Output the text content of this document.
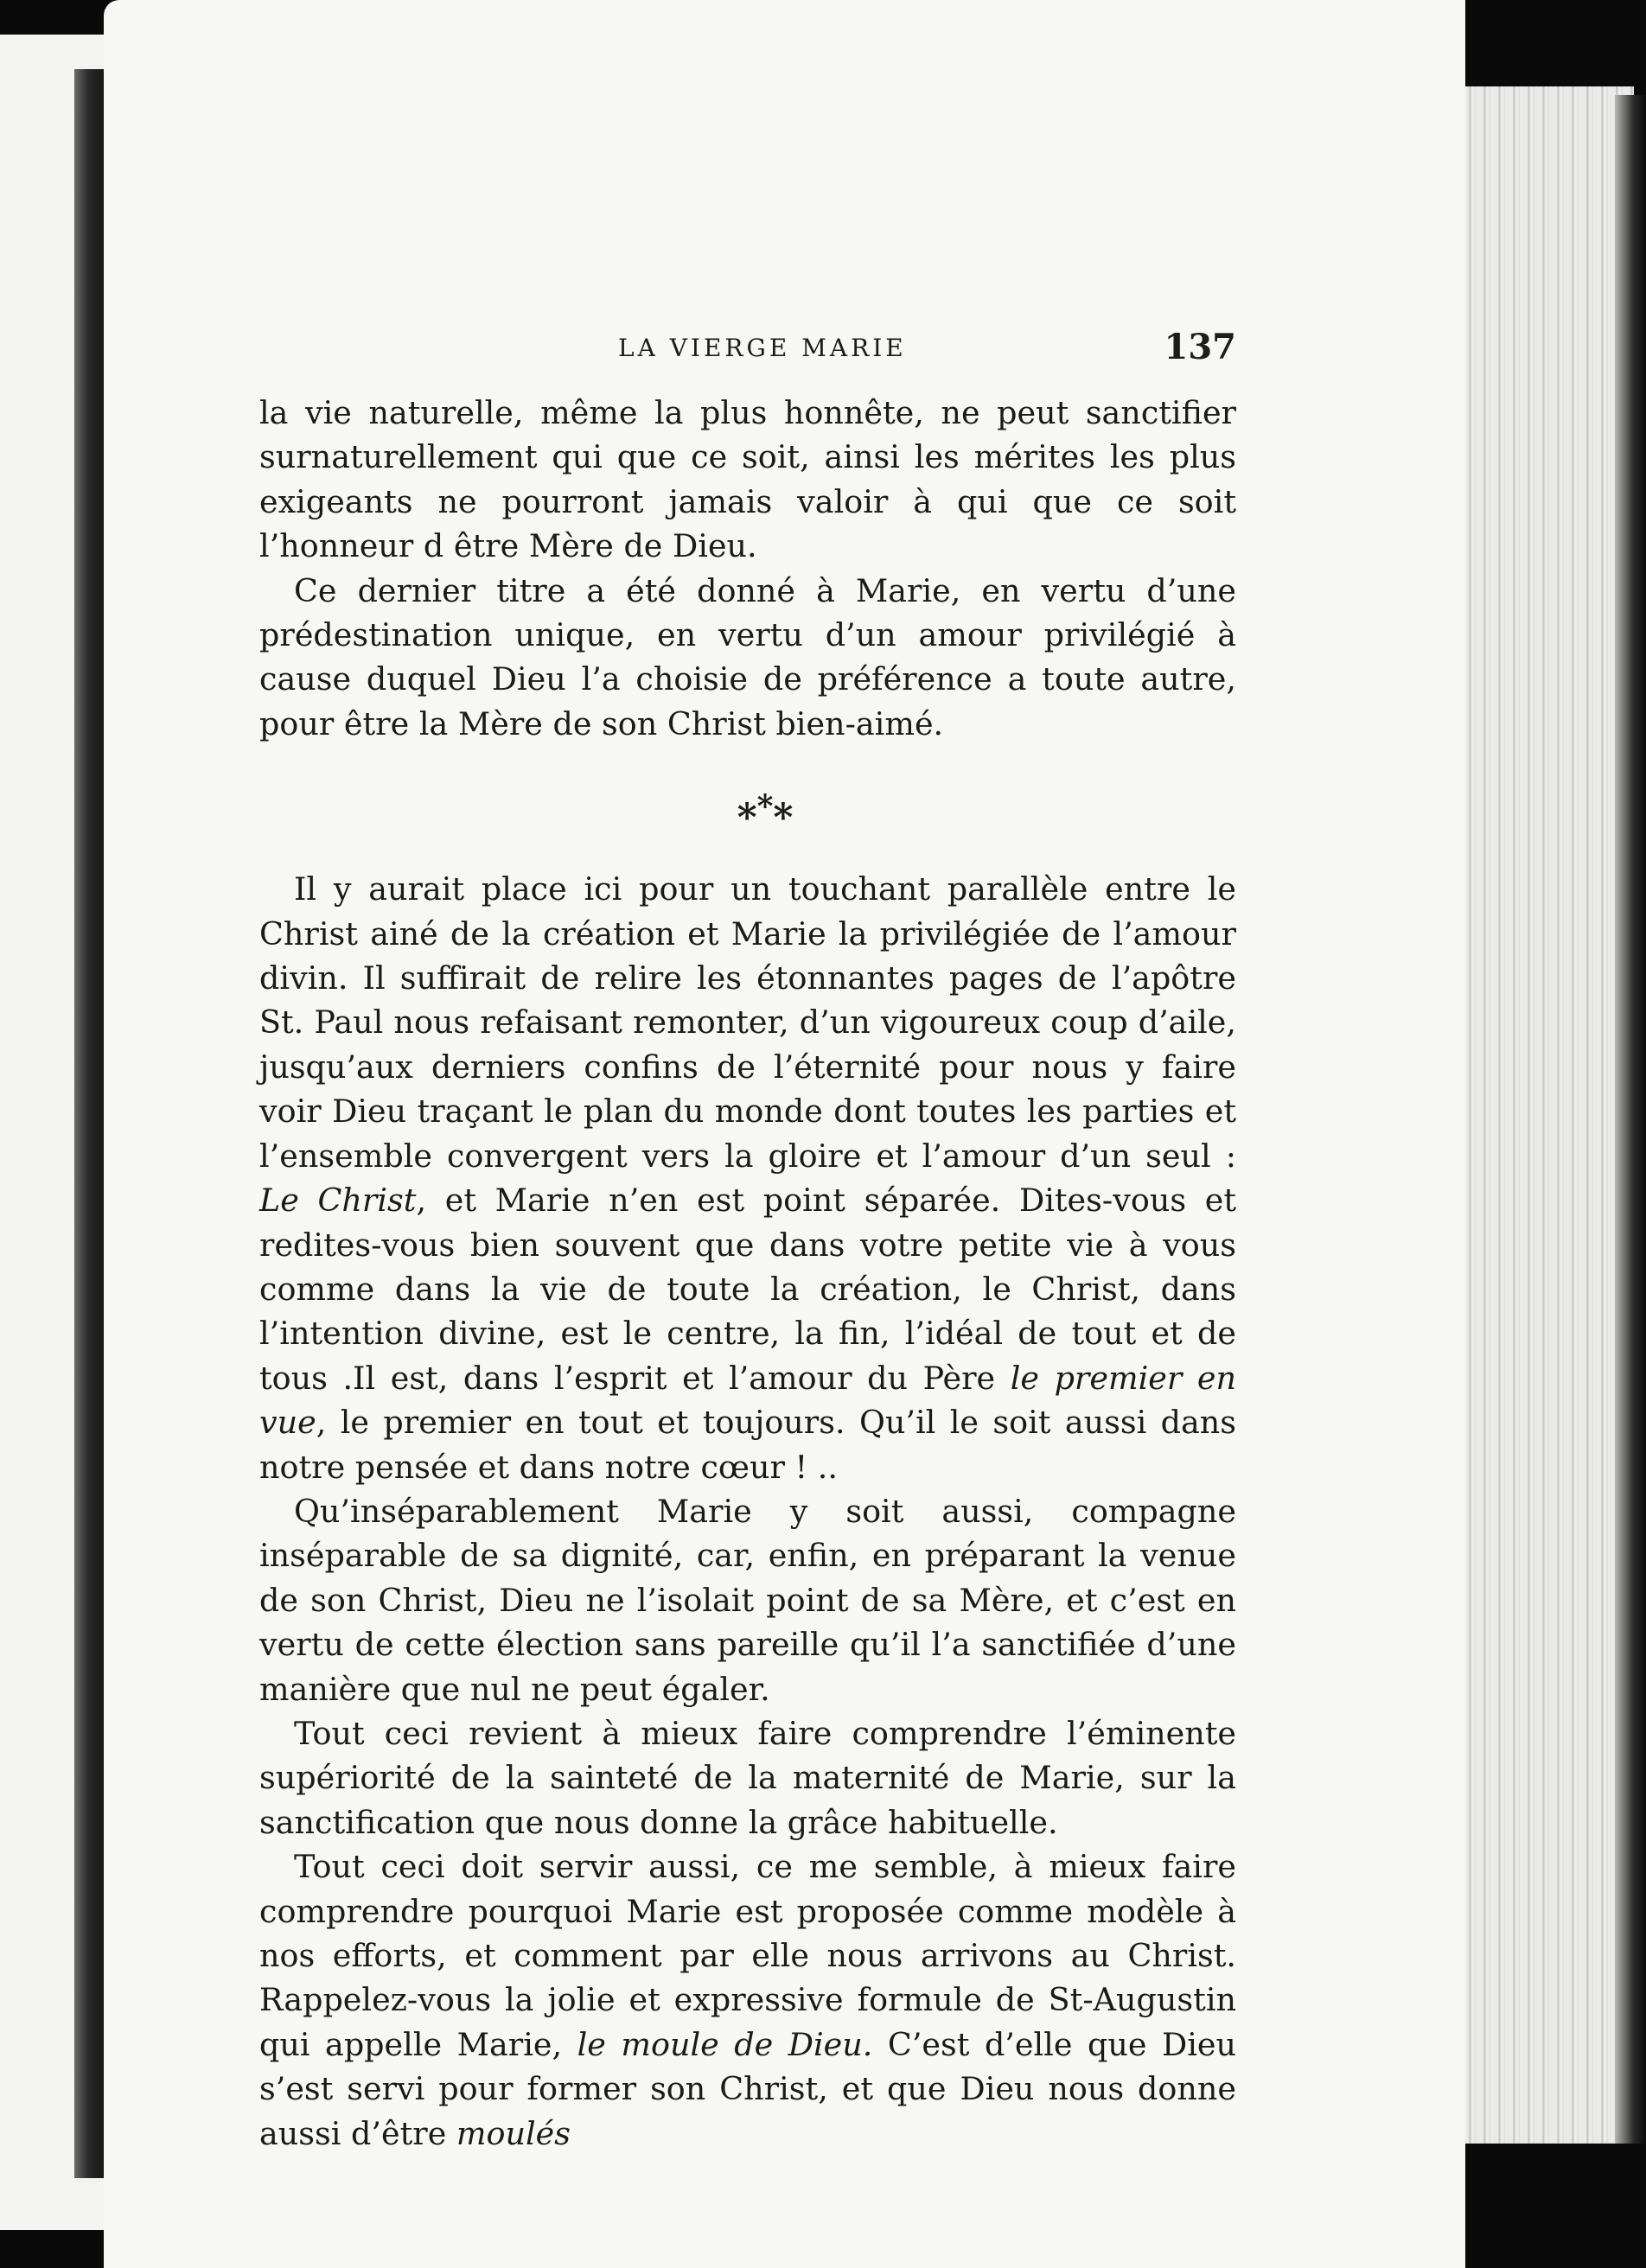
LA VIERGE MARIE	137

la vie naturelle, même la plus honnête, ne peut sanctifier surnaturellement qui que ce soit, ainsi les mérites les plus exigeants ne pourront jamais valoir à qui que ce soit l’honneur d être Mère de Dieu.

Ce dernier titre a été donné à Marie, en vertu d’une prédestination unique, en vertu d’un amour privilégié à cause duquel Dieu l’a choisie de préférence a toute autre, pour être la Mère de son Christ bien-aimé.

***

Il y aurait place ici pour un touchant parallèle entre le Christ ainé de la création et Marie la privilégiée de l’amour divin. Il suffirait de relire les étonnantes pages de l’apôtre St. Paul nous refaisant remonter, d’un vigoureux coup d’aile, jusqu’aux derniers confins de l’éternité pour nous y faire voir Dieu traçant le plan du monde dont toutes les parties et l’ensemble convergent vers la gloire et l’amour d’un seul : Le Christ, et Marie n’en est point séparée. Dites-vous et redites-vous bien souvent que dans votre petite vie à vous comme dans la vie de toute la création, le Christ, dans l’intention divine, est le centre, la fin, l’idéal de tout et de tous .Il est, dans l’esprit et l’amour du Père le premier en vue, le premier en tout et toujours. Qu’il le soit aussi dans notre pensée et dans notre cœur ! ..

Qu’inséparablement Marie y soit aussi, compagne inséparable de sa dignité, car, enfin, en préparant la venue de son Christ, Dieu ne l’isolait point de sa Mère, et c’est en vertu de cette élection sans pareille qu’il l’a sanctifiée d’une manière que nul ne peut égaler.

Tout ceci revient à mieux faire comprendre l’éminente supériorité de la sainteté de la maternité de Marie, sur la sanctification que nous donne la grâce habituelle.

Tout ceci doit servir aussi, ce me semble, à mieux faire comprendre pourquoi Marie est proposée comme modèle à nos efforts, et comment par elle nous arrivons au Christ. Rappelez-vous la jolie et expressive formule de St-Augustin qui appelle Marie, le moule de Dieu. C’est d’elle que Dieu s’est servi pour former son Christ, et que Dieu nous donne aussi d’être moulés
